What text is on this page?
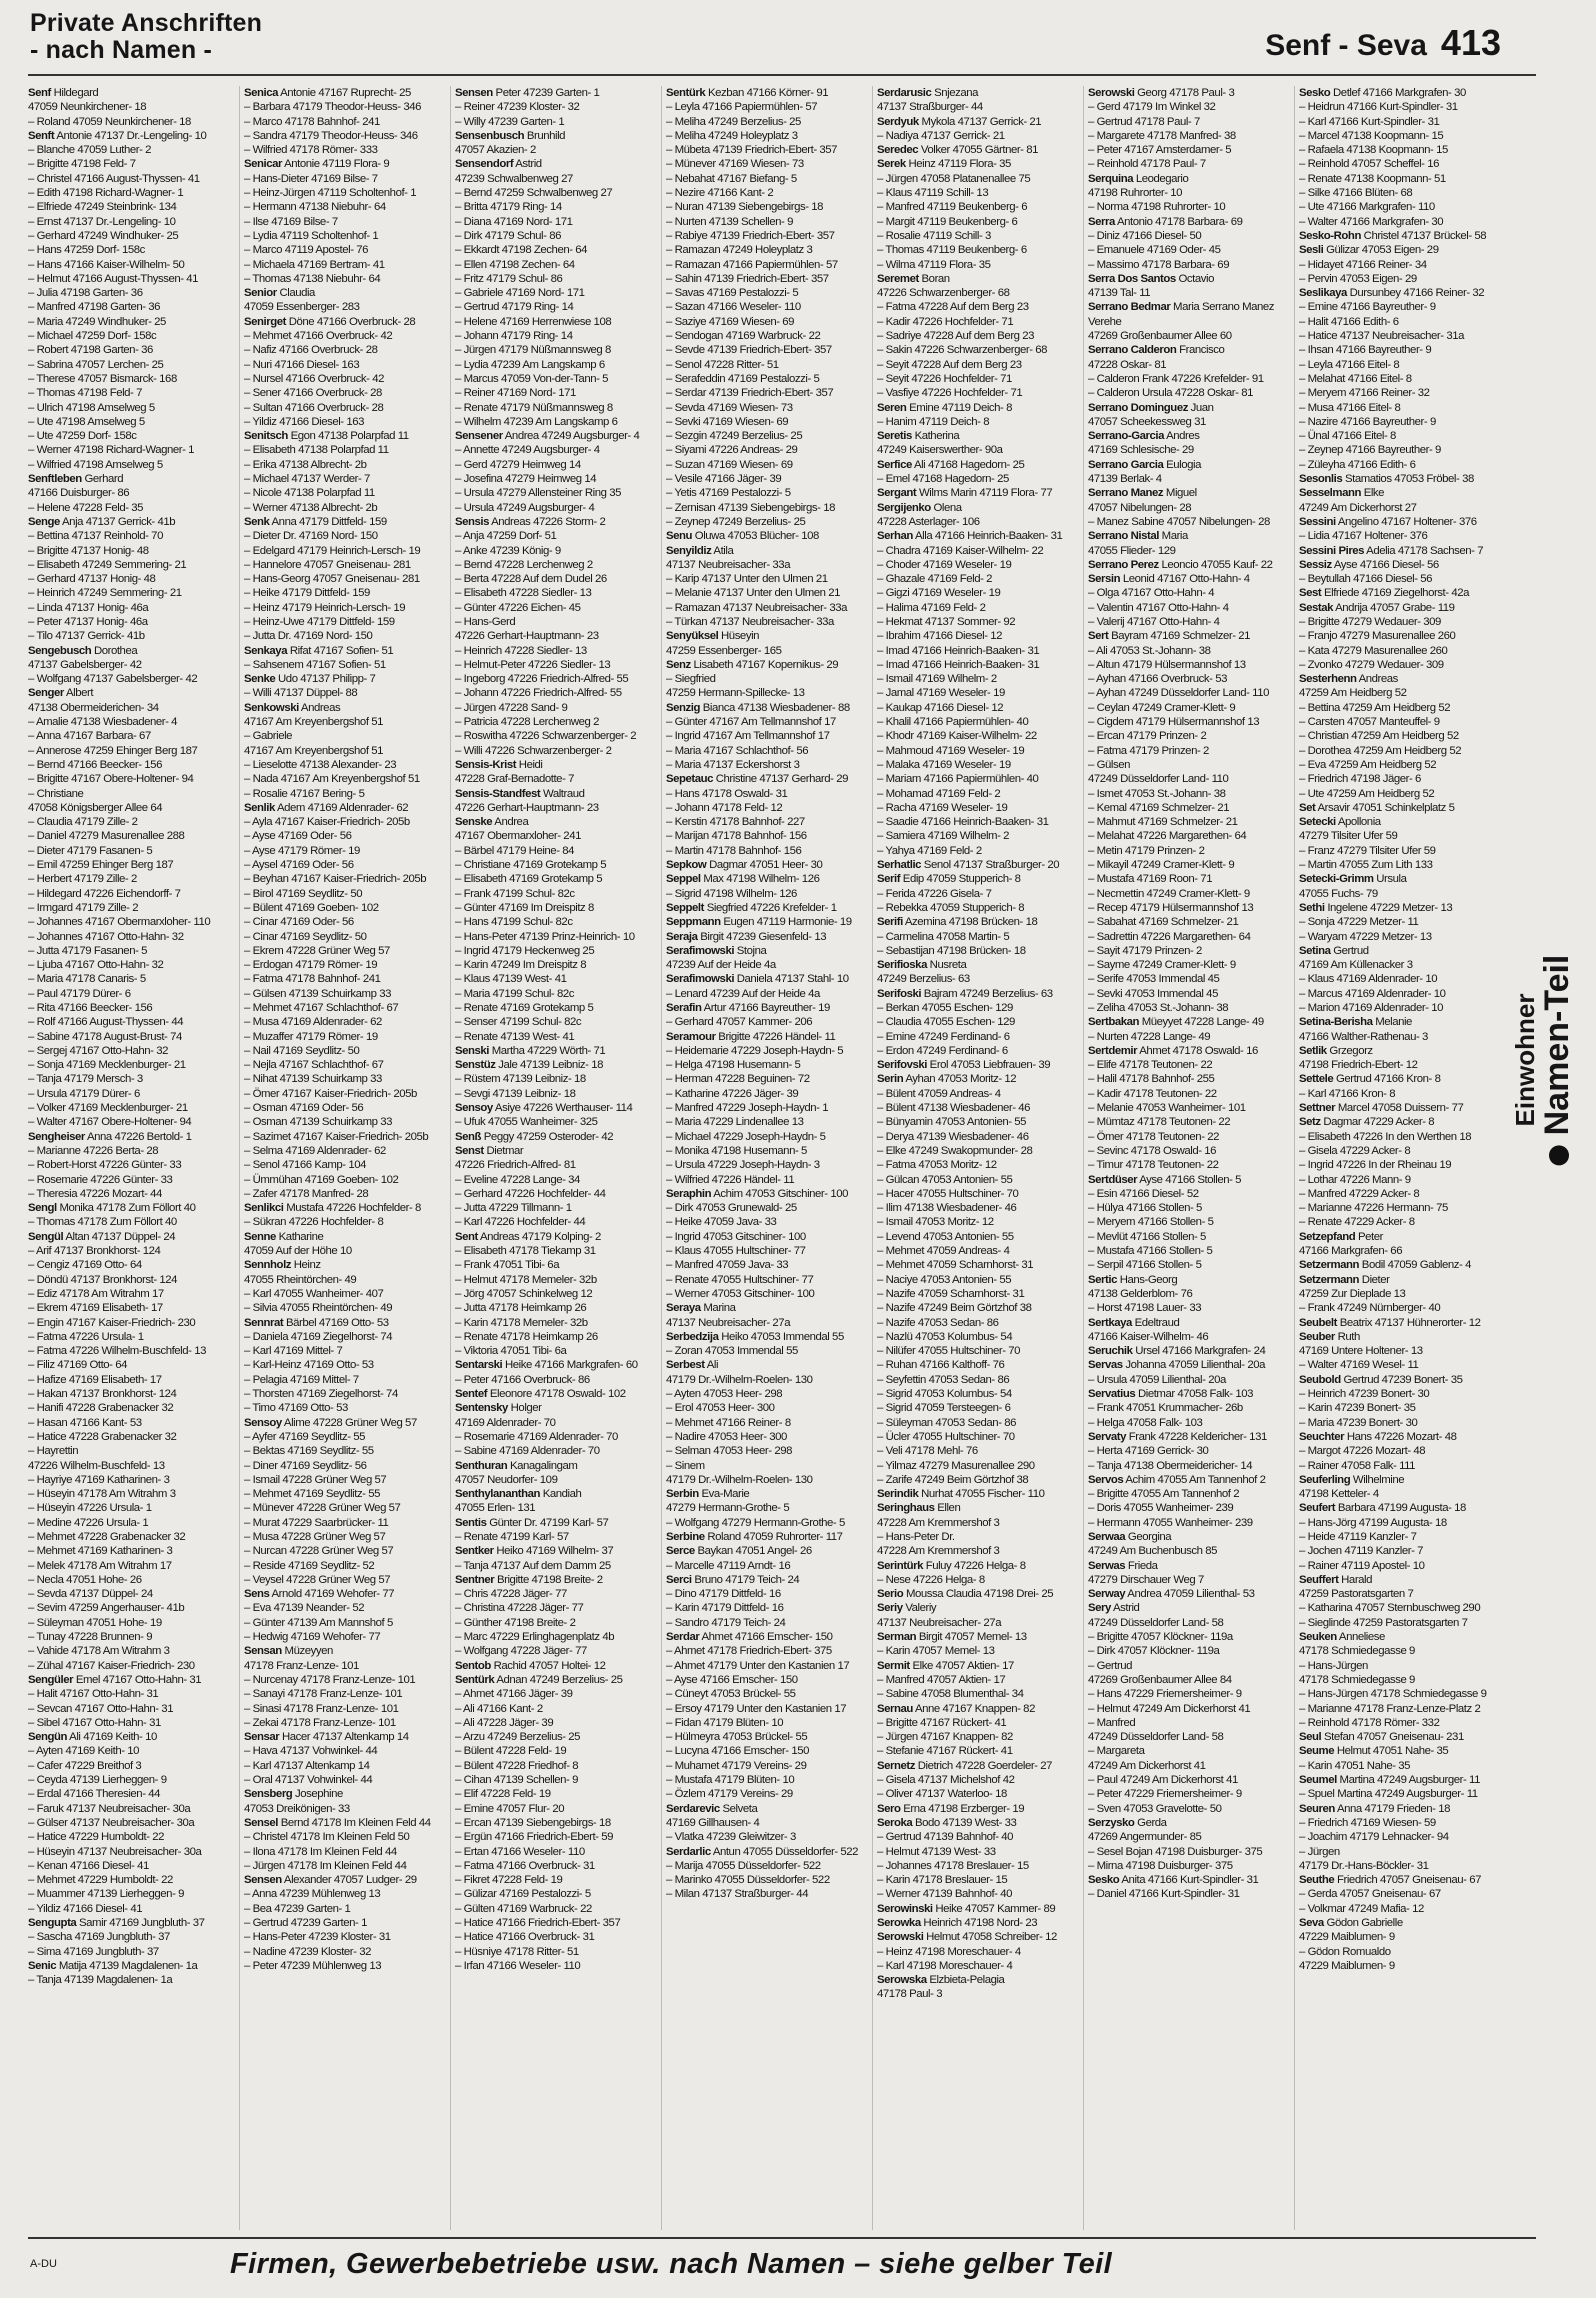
Private Anschriften
- nach Namen -	Senf - Seva 413
Senf Hildegard
47059 Neunkirchener- 18
– Roland 47059 Neunkirchener- 18
Senft Antonie 47137 Dr.-Lengeling- 10
– Blanche 47059 Luther- 2
– Brigitte 47198 Feld- 7
– Christel 47166 August-Thyssen- 41
– Edith 47198 Richard-Wagner- 1
– Elfriede 47249 Steinbrink- 134
– Ernst 47137 Dr.-Lengeling- 10
– Gerhard 47249 Windhuker- 25
– Hans 47259 Dorf- 158c
– Hans 47166 Kaiser-Wilhelm- 50
– Helmut 47166 August-Thyssen- 41
– Julia 47198 Garten- 36
– Manfred 47198 Garten- 36
– Maria 47249 Windhuker- 25
– Michael 47259 Dorf- 158c
– Robert 47198 Garten- 36
– Sabrina 47057 Lerchen- 25
– Therese 47057 Bismarck- 168
– Thomas 47198 Feld- 7
– Ulrich 47198 Amselweg 5
– Ute 47198 Amselweg 5
– Ute 47259 Dorf- 158c
– Werner 47198 Richard-Wagner- 1
– Wilfried 47198 Amselweg 5
Senftleben Gerhard
47166 Duisburger- 86
– Helene 47228 Feld- 35
Senge Anja 47137 Gerrick- 41b
– Bettina 47137 Reinhold- 70
– Brigitte 47137 Honig- 48
– Elisabeth 47249 Semmering- 21
– Gerhard 47137 Honig- 48
– Heinrich 47249 Semmering- 21
– Linda 47137 Honig- 46a
– Peter 47137 Honig- 46a
– Tilo 47137 Gerrick- 41b
Sengebusch Dorothea
47137 Gabelsberger- 42
– Wolfgang 47137 Gabelsberger- 42
Senger Albert
47138 Obermeiderichen- 34
– Amalie 47138 Wiesbadener- 4
– Anna 47167 Barbara- 67
– Annerose 47259 Ehinger Berg 187
– Bernd 47166 Beecker- 156
– Brigitte 47167 Obere-Holtener- 94
– Christiane
47058 Königsberger Allee 64
– Claudia 47179 Zille- 2
– Daniel 47279 Masurenallee 288
– Dieter 47179 Fasanen- 5
– Emil 47259 Ehinger Berg 187
– Herbert 47179 Zille- 2
– Hildegard 47226 Eichendorff- 7
– Irmgard 47179 Zille- 2
– Johannes 47167 Obermarxloher- 110
– Johannes 47167 Otto-Hahn- 32
– Jutta 47179 Fasanen- 5
– Ljuba 47167 Otto-Hahn- 32
– Maria 47178 Canaris- 5
– Paul 47179 Dürer- 6
– Rita 47166 Beecker- 156
– Rolf 47166 August-Thyssen- 44
– Sabine 47178 August-Brust- 74
– Sergej 47167 Otto-Hahn- 32
– Sonja 47169 Mecklenburger- 21
– Tanja 47179 Mersch- 3
– Ursula 47179 Dürer- 6
– Volker 47169 Mecklenburger- 21
– Walter 47167 Obere-Holtener- 94
Sengheiser Anna 47226 Bertold- 1
– Marianne 47226 Berta- 28
– Robert-Horst 47226 Günter- 33
– Rosemarie 47226 Günter- 33
– Theresia 47226 Mozart- 44
Sengl Monika 47178 Zum Föllort 40
– Thomas 47178 Zum Föllort 40
Sengül Altan 47137 Düppel- 24
– Arif 47137 Bronkhorst- 124
– Cengiz 47169 Otto- 64
– Döndü 47137 Bronkhorst- 124
– Ediz 47178 Am Witrahm 17
– Ekrem 47169 Elisabeth- 17
– Engin 47167 Kaiser-Friedrich- 230
– Fatma 47226 Ursula- 1
– Fatma 47226 Wilhelm-Buschfeld- 13
– Filiz 47169 Otto- 64
– Hafize 47169 Elisabeth- 17
– Hakan 47137 Bronkhorst- 124
– Hanifi 47228 Grabenacker 32
– Hasan 47166 Kant- 53
– Hatice 47228 Grabenacker 32
– Hayrettin
47226 Wilhelm-Buschfeld- 13
– Hayriye 47169 Katharinen- 3
– Hüseyin 47178 Am Witrahm 3
– Hüseyin 47226 Ursula- 1
– Medine 47226 Ursula- 1
– Mehmet 47228 Grabenacker 32
– Mehmet 47169 Katharinen- 3
– Melek 47178 Am Witrahm 17
– Necla 47051 Hohe- 26
– Sevda 47137 Düppel- 24
– Sevim 47259 Angerhauser- 41b
– Süleyman 47051 Hohe- 19
– Tunay 47228 Brunnen- 9
– Vahide 47178 Am Witrahm 3
– Zühal 47167 Kaiser-Friedrich- 230
Sengüler Emel 47167 Otto-Hahn- 31
– Halit 47167 Otto-Hahn- 31
– Sevcan 47167 Otto-Hahn- 31
– Sibel 47167 Otto-Hahn- 31
Sengün Ali 47169 Keith- 10
– Ayten 47169 Keith- 10
– Cafer 47229 Breithof 3
– Ceyda 47139 Lierheggen- 9
– Erdal 47166 Theresien- 44
– Faruk 47137 Neubreisacher- 30a
– Gülser 47137 Neubreisacher- 30a
– Hatice 47229 Humboldt- 22
– Hüseyin 47137 Neubreisacher- 30a
– Kenan 47166 Diesel- 41
– Mehmet 47229 Humboldt- 22
– Muammer 47139 Lierheggen- 9
– Yildiz 47166 Diesel- 41
Sengupta Samir 47169 Jungbluth- 37
– Sascha 47169 Jungbluth- 37
– Sima 47169 Jungbluth- 37
Senic Matija 47139 Magdalenen- 1a
– Tanja 47139 Magdalenen- 1a
Senica Antonie 47167 Ruprecht- 25
– Barbara 47179 Theodor-Heuss- 346
– Marco 47178 Bahnhof- 241
– Sandra 47179 Theodor-Heuss- 346
– Wilfried 47178 Römer- 333
Senicar Antonie 47119 Flora- 9
– Hans-Dieter 47169 Bilse- 7
– Heinz-Jürgen 47119 Scholtenhof- 1
– Hermann 47138 Niebuhr- 64
– Ilse 47169 Bilse- 7
– Lydia 47119 Scholtenhof- 1
– Marco 47119 Apostel- 76
– Michaela 47169 Bertram- 41
– Thomas 47138 Niebuhr- 64
Senior Claudia
47059 Essenberger- 283
Senirget Döne 47166 Overbruck- 28
– Mehmet 47166 Overbruck- 42
– Nafiz 47166 Overbruck- 28
– Nuri 47166 Diesel- 163
– Nursel 47166 Overbruck- 42
– Sener 47166 Overbruck- 28
– Sultan 47166 Overbruck- 28
– Yildiz 47166 Diesel- 163
Senitsch Egon 47138 Polarpfad 11
– Elisabeth 47138 Polarpfad 11
– Erika 47138 Albrecht- 2b
– Michael 47137 Werder- 7
– Nicole 47138 Polarpfad 11
– Werner 47138 Albrecht- 2b
Senk Anna 47179 Dittfeld- 159
– Dieter Dr. 47169 Nord- 150
– Edelgard 47179 Heinrich-Lersch- 19
– Hannelore 47057 Gneisenau- 281
– Hans-Georg 47057 Gneisenau- 281
– Heike 47179 Dittfeld- 159
– Heinz 47179 Heinrich-Lersch- 19
– Heinz-Uwe 47179 Dittfeld- 159
– Jutta Dr. 47169 Nord- 150
Senkaya Rifat 47167 Sofien- 51
– Sahsenem 47167 Sofien- 51
Senke Udo 47137 Philipp- 7
– Willi 47137 Düppel- 88
Senkowski Andreas
47167 Am Kreyenbergshof 51
– Gabriele
47167 Am Kreyenbergshof 51
– Lieselotte 47138 Alexander- 23
– Nada 47167 Am Kreyenbergshof 51
– Rosalie 47167 Bering- 5
Senlik Adem 47169 Aldenrader- 62
– Ayla 47167 Kaiser-Friedrich- 205b
– Ayse 47169 Oder- 56
– Ayse 47179 Römer- 19
– Aysel 47169 Oder- 56
– Beyhan 47167 Kaiser-Friedrich- 205b
– Birol 47169 Seydlitz- 50
– Bülent 47169 Goeben- 102
– Cinar 47169 Oder- 56
– Cinar 47169 Seydlitz- 50
– Ekrem 47228 Grüner Weg 57
– Erdogan 47179 Römer- 19
– Fatma 47178 Bahnhof- 241
– Gülsen 47139 Schuirkamp 33
– Mehmet 47167 Schlachthof- 67
– Musa 47169 Aldenrader- 62
– Muzaffer 47179 Römer- 19
– Nail 47169 Seydlitz- 50
– Nejla 47167 Schlachthof- 67
– Nihat 47139 Schuirkamp 33
– Ömer 47167 Kaiser-Friedrich- 205b
– Osman 47169 Oder- 56
– Osman 47139 Schuirkamp 33
– Sazimet 47167 Kaiser-Friedrich- 205b
– Selma 47169 Aldenrader- 62
– Senol 47166 Kamp- 104
– Ümmühan 47169 Goeben- 102
– Zafer 47178 Manfred- 28
Senlikci Mustafa 47226 Hochfelder- 8
– Sükran 47226 Hochfelder- 8
Senne Katharine
47059 Auf der Höhe 10
Sennholz Heinz
47055 Rheintörchen- 49
– Karl 47055 Wanheimer- 407
– Silvia 47055 Rheintörchen- 49
Sennrat Bärbel 47169 Otto- 53
– Daniela 47169 Ziegelhorst- 74
– Karl 47169 Mittel- 7
– Karl-Heinz 47169 Otto- 53
– Pelagia 47169 Mittel- 7
– Thorsten 47169 Ziegelhorst- 74
– Timo 47169 Otto- 53
Sensoy Alime 47228 Grüner Weg 57
– Ayfer 47169 Seydlitz- 55
– Bektas 47169 Seydlitz- 55
– Diner 47169 Seydlitz- 56
– Ismail 47228 Grüner Weg 57
– Mehmet 47169 Seydlitz- 55
– Münever 47228 Grüner Weg 57
– Murat 47229 Saarbrücker- 11
– Musa 47228 Grüner Weg 57
– Nurcan 47228 Grüner Weg 57
– Reside 47169 Seydlitz- 52
– Veysel 47228 Grüner Weg 57
Sens Arnold 47169 Wehofer- 77
– Eva 47139 Neander- 52
– Günter 47139 Am Mannshof 5
– Hedwig 47169 Wehofer- 77
Sensan Müzeyyen
47178 Franz-Lenze- 101
– Nurcenay 47178 Franz-Lenze- 101
– Sanayi 47178 Franz-Lenze- 101
– Sinasi 47178 Franz-Lenze- 101
– Zekai 47178 Franz-Lenze- 101
Sensar Hacer 47137 Altenkamp 14
– Hava 47137 Vohwinkel- 44
– Karl 47137 Altenkamp 14
– Oral 47137 Vohwinkel- 44
Sensberg Josephine
47053 Dreikönigen- 33
Sensel Bernd 47178 Im Kleinen Feld 44
– Christel 47178 Im Kleinen Feld 50
– Ilona 47178 Im Kleinen Feld 44
– Jürgen 47178 Im Kleinen Feld 44
Sensen Alexander 47057 Ludger- 29
– Anna 47239 Mühlenweg 13
– Bea 47239 Garten- 1
– Gertrud 47239 Garten- 1
– Hans-Peter 47239 Kloster- 31
– Nadine 47239 Kloster- 32
– Peter 47239 Mühlenweg 13
Sensen Peter 47239 Garten- 1
– Reiner 47239 Kloster- 32
– Willy 47239 Garten- 1
Sensenbusch Brunhild
47057 Akazien- 2
Sensendorf Astrid
47239 Schwalbenweg 27
– Bernd 47259 Schwalbenweg 27
– Britta 47179 Ring- 14
– Diana 47169 Nord- 171
– Dirk 47179 Schul- 86
– Ekkardt 47198 Zechen- 64
– Ellen 47198 Zechen- 64
– Fritz 47179 Schul- 86
– Gabriele 47169 Nord- 171
– Gertrud 47179 Ring- 14
– Helene 47169 Herrenwiese 108
– Johann 47179 Ring- 14
– Jürgen 47179 Nüßmannsweg 8
– Lydia 47239 Am Langskamp 6
– Marcus 47059 Von-der-Tann- 5
– Reiner 47169 Nord- 171
– Renate 47179 Nüßmannsweg 8
– Wilhelm 47239 Am Langskamp 6
Sensener Andrea 47249 Augsburger- 4
– Annette 47249 Augsburger- 4
– Gerd 47279 Heimweg 14
– Josefina 47279 Heimweg 14
– Ursula 47279 Allensteiner Ring 35
– Ursula 47249 Augsburger- 4
Sensis Andreas 47226 Storm- 2
– Anja 47259 Dorf- 51
– Anke 47239 König- 9
– Bernd 47228 Lerchenweg 2
– Berta 47228 Auf dem Dudel 26
– Elisabeth 47228 Siedler- 13
– Günter 47226 Eichen- 45
– Hans-Gerd
47226 Gerhart-Hauptmann- 23
– Heinrich 47228 Siedler- 13
– Helmut-Peter 47226 Siedler- 13
– Ingeborg 47226 Friedrich-Alfred- 55
– Johann 47226 Friedrich-Alfred- 55
– Jürgen 47228 Sand- 9
– Patricia 47228 Lerchenweg 2
– Roswitha 47226 Schwarzenberger- 2
– Willi 47226 Schwarzenberger- 2
Sensis-Krist Heidi
47228 Graf-Bernadotte- 7
Sensis-Standfest Waltraud
47226 Gerhart-Hauptmann- 23
Senske Andrea
47167 Obermarxloher- 241
– Bärbel 47179 Heine- 84
– Christiane 47169 Grotekamp 5
– Elisabeth 47169 Grotekamp 5
– Frank 47199 Schul- 82c
– Günter 47169 Im Dreispitz 8
– Hans 47199 Schul- 82c
– Hans-Peter 47139 Prinz-Heinrich- 10
– Ingrid 47179 Heckenweg 25
– Karin 47249 Im Dreispitz 8
– Klaus 47139 West- 41
– Maria 47199 Schul- 82c
– Renate 47169 Grotekamp 5
– Senser 47199 Schul- 82c
– Renate 47139 West- 41
Senski Martha 47229 Wörth- 71
Senstüz Jale 47139 Leibniz- 18
– Rüstem 47139 Leibniz- 18
– Sevgi 47139 Leibniz- 18
Sensoy Asiye 47226 Werthauser- 114
– Ufuk 47055 Wanheimer- 325
Senß Peggy 47259 Osteroder- 42
Senst Dietmar
47226 Friedrich-Alfred- 81
– Eveline 47228 Lange- 34
– Gerhard 47226 Hochfelder- 44
– Jutta 47229 Tillmann- 1
– Karl 47226 Hochfelder- 44
Sent Andreas 47179 Kolping- 2
– Elisabeth 47178 Tiekamp 31
– Frank 47051 Tibi- 6a
– Helmut 47178 Memeler- 32b
– Jörg 47057 Schinkelweg 12
– Jutta 47178 Heimkamp 26
– Karin 47178 Memeler- 32b
– Renate 47178 Heimkamp 26
– Viktoria 47051 Tibi- 6a
Sentarski Heike 47166 Markgrafen- 60
– Peter 47166 Overbruck- 86
Sentef Eleonore 47178 Oswald- 102
Sentensky Holger
47169 Aldenrader- 70
– Rosemarie 47169 Aldenrader- 70
– Sabine 47169 Aldenrader- 70
Senthuran Kanagalingam
47057 Neudorfer- 109
Senthylananthan Kandiah
47055 Erlen- 131
Sentis Günter Dr. 47199 Karl- 57
– Renate 47199 Karl- 57
Sentker Heiko 47169 Wilhelm- 37
– Tanja 47137 Auf dem Damm 25
Sentner Brigitte 47198 Breite- 2
– Chris 47228 Jäger- 77
– Christina 47228 Jäger- 77
– Günther 47198 Breite- 2
– Marc 47229 Erlinghagenplatz 4b
– Wolfgang 47228 Jäger- 77
Sentob Rachid 47057 Holtei- 12
Sentürk Adnan 47249 Berzelius- 25
– Ahmet 47166 Jäger- 39
– Ali 47166 Kant- 2
– Ali 47228 Jäger- 39
– Arzu 47249 Berzelius- 25
– Bülent 47228 Feld- 19
– Bülent 47228 Friedhof- 8
– Cihan 47139 Schellen- 9
– Elif 47228 Feld- 19
– Emine 47057 Flur- 20
– Ercan 47139 Siebengebirgs- 18
– Ergün 47166 Friedrich-Ebert- 59
– Ertan 47166 Weseler- 110
– Fatma 47166 Overbruck- 31
– Fikret 47228 Feld- 19
– Gülizar 47169 Pestalozzi- 5
– Gülten 47169 Warbruck- 22
– Hatice 47166 Friedrich-Ebert- 357
– Hatice 47166 Overbruck- 31
– Hüsniye 47178 Ritter- 51
– Irfan 47166 Weseler- 110
Sentürk Kezban 47166 Körner- 91
– Leyla 47166 Papiermühlen- 57
– Meliha 47249 Berzelius- 25
– Meliha 47249 Holeyplatz 3
– Mübeta 47139 Friedrich-Ebert- 357
– Münever 47169 Wiesen- 73
– Nebahat 47167 Biefang- 5
– Nezire 47166 Kant- 2
– Nuran 47139 Siebengebirgs- 18
– Nurten 47139 Schellen- 9
– Rabiye 47139 Friedrich-Ebert- 357
– Ramazan 47249 Holeyplatz 3
– Ramazan 47166 Papiermühlen- 57
– Sahin 47139 Friedrich-Ebert- 357
– Savas 47169 Pestalozzi- 5
– Sazan 47166 Weseler- 110
– Saziye 47169 Wiesen- 69
– Sendogan 47169 Warbruck- 22
– Sevde 47139 Friedrich-Ebert- 357
– Senol 47228 Ritter- 51
– Serafeddin 47169 Pestalozzi- 5
– Serdar 47139 Friedrich-Ebert- 357
– Sevda 47169 Wiesen- 73
– Sevki 47169 Wiesen- 69
– Sezgin 47249 Berzelius- 25
– Siyami 47226 Andreas- 29
– Suzan 47169 Wiesen- 69
– Vesile 47166 Jäger- 39
– Yetis 47169 Pestalozzi- 5
– Zernisan 47139 Siebengebirgs- 18
– Zeynep 47249 Berzelius- 25
Senu Oluwa 47053 Blücher- 108
Senyildiz Atila
47137 Neubreisacher- 33a
– Karip 47137 Unter den Ulmen 21
– Melanie 47137 Unter den Ulmen 21
– Ramazan 47137 Neubreisacher- 33a
– Türkan 47137 Neubreisacher- 33a
Senyüksel Hüseyin
47259 Essenberger- 165
Senz Lisabeth 47167 Kopernikus- 29
– Siegfried
47259 Hermann-Spillecke- 13
Senzig Bianca 47138 Wiesbadener- 88
– Günter 47167 Am Tellmannshof 17
– Ingrid 47167 Am Tellmannshof 17
– Maria 47167 Schlachthof- 56
– Maria 47137 Eckershorst 3
Sepetauc Christine 47137 Gerhard- 29
– Hans 47178 Oswald- 31
– Johann 47178 Feld- 12
– Kerstin 47178 Bahnhof- 227
– Marijan 47178 Bahnhof- 156
– Martin 47178 Bahnhof- 156
Sepkow Dagmar 47051 Heer- 30
Seppel Max 47198 Wilhelm- 126
– Sigrid 47198 Wilhelm- 126
Seppelt Siegfried 47226 Krefelder- 1
Seppmann Eugen 47119 Harmonie- 19
Seraja Birgit 47239 Giesenfeld- 13
Serafimowski Stojna
47239 Auf der Heide 4a
Serafimowski Daniela 47137 Stahl- 10
– Lenard 47239 Auf der Heide 4a
Serafin Artur 47166 Bayreuther- 19
– Gerhard 47057 Kammer- 206
Seramour Brigitte 47226 Händel- 11
– Heidemarie 47229 Joseph-Haydn- 5
– Helga 47198 Husemann- 5
– Herman 47228 Beguinen- 72
– Katharine 47226 Jäger- 39
– Manfred 47229 Joseph-Haydn- 1
– Maria 47229 Lindenallee 13
– Michael 47229 Joseph-Haydn- 5
– Monika 47198 Husemann- 5
– Ursula 47229 Joseph-Haydn- 3
– Wilfried 47226 Händel- 11
Seraphin Achim 47053 Gitschiner- 100
– Dirk 47053 Grunewald- 25
– Heike 47059 Java- 33
– Ingrid 47053 Gitschiner- 100
– Klaus 47055 Hultschiner- 77
– Manfred 47059 Java- 33
– Renate 47055 Hultschiner- 77
– Werner 47053 Gitschiner- 100
Seraya Marina
47137 Neubreisacher- 27a
Serbedzija Heiko 47053 Immendal 55
– Zoran 47053 Immendal 55
Serbest Ali
47179 Dr.-Wilhelm-Roelen- 130
– Ayten 47053 Heer- 298
– Erol 47053 Heer- 300
– Mehmet 47166 Reiner- 8
– Nadire 47053 Heer- 300
– Selman 47053 Heer- 298
– Sinem
47179 Dr.-Wilhelm-Roelen- 130
Serbin Eva-Marie
47279 Hermann-Grothe- 5
– Wolfgang 47279 Hermann-Grothe- 5
Serbine Roland 47059 Ruhrorter- 117
Serce Baykan 47051 Angel- 26
– Marcelle 47119 Arndt- 16
Serci Bruno 47179 Teich- 24
– Dino 47179 Dittfeld- 16
– Karin 47179 Dittfeld- 16
– Sandro 47179 Teich- 24
Serdar Ahmet 47166 Emscher- 150
– Ahmet 47178 Friedrich-Ebert- 375
– Ahmet 47179 Unter den Kastanien 17
– Ayse 47166 Emscher- 150
– Cüneyt 47053 Brückel- 55
– Ersoy 47179 Unter den Kastanien 17
– Fidan 47179 Blüten- 10
– Hülmeyra 47053 Brückel- 55
– Lucyna 47166 Emscher- 150
– Muhamet 47179 Vereins- 29
– Mustafa 47179 Blüten- 10
– Özlem 47179 Vereins- 29
Serdarevic Selveta
47169 Gillhausen- 4
– Vlatka 47239 Gleiwitzer- 3
Serdarlic Antun 47055 Düsseldorfer- 522
– Marija 47055 Düsseldorfer- 522
– Marinko 47055 Düsseldorfer- 522
– Milan 47137 Straßburger- 44
Serdarusic Snjezana
47137 Straßburger- 44
Serdyuk Mykola 47137 Gerrick- 21
– Nadiya 47137 Gerrick- 21
Seredec Volker 47055 Gärtner- 81
Serek Heinz 47119 Flora- 35
– Jürgen 47058 Platanenallee 75
– Klaus 47119 Schill- 13
– Manfred 47119 Beukenberg- 6
– Margit 47119 Beukenberg- 6
– Rosalie 47119 Schill- 3
– Thomas 47119 Beukenberg- 6
– Wilma 47119 Flora- 35
Seremet Boran
47226 Schwarzenberger- 68
– Fatma 47228 Auf dem Berg 23
– Kadir 47226 Hochfelder- 71
– Sadriye 47228 Auf dem Berg 23
– Sakin 47226 Schwarzenberger- 68
– Seyit 47228 Auf dem Berg 23
– Seyit 47226 Hochfelder- 71
– Vasfiye 47226 Hochfelder- 71
Seren Emine 47119 Deich- 8
– Hanim 47119 Deich- 8
Seretis Katherina
47249 Kaiserswerther- 90a
Serfice Ali 47168 Hagedorn- 25
– Emel 47168 Hagedorn- 25
Sergant Wilms Marin 47119 Flora- 77
Sergijenko Olena
47228 Asterlager- 106
Serhan Alla 47166 Heinrich-Baaken- 31
– Chadra 47169 Kaiser-Wilhelm- 22
– Choder 47169 Weseler- 19
– Ghazale 47169 Feld- 2
– Gigzi 47169 Weseler- 19
– Halima 47169 Feld- 2
– Hekmat 47137 Sommer- 92
– Ibrahim 47166 Diesel- 12
– Imad 47166 Heinrich-Baaken- 31
– Imad 47166 Heinrich-Baaken- 31
– Ismail 47169 Wilhelm- 2
– Jamal 47169 Weseler- 19
– Kaukap 47166 Diesel- 12
– Khalil 47166 Papiermühlen- 40
– Khodr 47169 Kaiser-Wilhelm- 22
– Mahmoud 47169 Weseler- 19
– Malaka 47169 Weseler- 19
– Mariam 47166 Papiermühlen- 40
– Mohamad 47169 Feld- 2
– Racha 47169 Weseler- 19
– Saadie 47166 Heinrich-Baaken- 31
– Samiera 47169 Wilhelm- 2
– Yahya 47169 Feld- 2
Serhatlic Senol 47137 Straßburger- 20
Serif Edip 47059 Stupperich- 8
– Ferida 47226 Gisela- 7
– Rebekka 47059 Stupperich- 8
Serifi Azemina 47198 Brücken- 18
– Carmelina 47058 Martin- 5
– Sebastijan 47198 Brücken- 18
Serifioska Nusreta
47249 Berzelius- 63
Serifoski Bajram 47249 Berzelius- 63
– Berkan 47055 Eschen- 129
– Claudia 47055 Eschen- 129
– Emine 47249 Ferdinand- 6
– Erdon 47249 Ferdinand- 6
Serifovski Erol 47053 Liebfrauen- 39
Serin Ayhan 47053 Moritz- 12
– Bülent 47059 Andreas- 4
– Bülent 47138 Wiesbadener- 46
– Bünyamin 47053 Antonien- 55
– Derya 47139 Wiesbadener- 46
– Elke 47249 Swakopmunder- 28
– Fatma 47053 Moritz- 12
– Gülcan 47053 Antonien- 55
– Hacer 47055 Hultschiner- 70
– Ilim 47138 Wiesbadener- 46
– Ismail 47053 Moritz- 12
– Levend 47053 Antonien- 55
– Mehmet 47059 Andreas- 4
– Mehmet 47059 Scharnhorst- 31
– Naciye 47053 Antonien- 55
– Nazife 47059 Scharnhorst- 31
– Nazife 47249 Beim Görtzhof 38
– Nazife 47053 Sedan- 86
– Nazlü 47053 Kolumbus- 54
– Nilüfer 47055 Hultschiner- 70
– Ruhan 47166 Kalthoff- 76
– Seyfettin 47053 Sedan- 86
– Sigrid 47053 Kolumbus- 54
– Sigrid 47059 Tersteegen- 6
– Süleyman 47053 Sedan- 86
– Ücler 47055 Hultschiner- 70
– Veli 47178 Mehl- 76
– Yilmaz 47279 Masurenallee 290
– Zarife 47249 Beim Görtzhof 38
Serindik Nurhat 47055 Fischer- 110
Seringhaus Ellen
47228 Am Kremmershof 3
– Hans-Peter Dr.
47228 Am Kremmershof 3
Serintürk Fuluy 47226 Helga- 8
– Nese 47226 Helga- 8
Serio Moussa Claudia 47198 Drei- 25
Seriy Valeriy
47137 Neubreisacher- 27a
Serman Birgit 47057 Memel- 13
– Karin 47057 Memel- 13
Sermit Elke 47057 Aktien- 17
– Manfred 47057 Aktien- 17
– Sabine 47058 Blumenthal- 34
Sernau Anne 47167 Knappen- 82
– Brigitte 47167 Rückert- 41
– Jürgen 47167 Knappen- 82
– Stefanie 47167 Rückert- 41
Sernetz Dietrich 47228 Goerdeler- 27
– Gisela 47137 Michelshof 42
– Oliver 47137 Waterloo- 18
Sero Erna 47198 Erzberger- 19
Seroka Bodo 47139 West- 33
– Gertrud 47139 Bahnhof- 40
– Helmut 47139 West- 33
– Johannes 47178 Breslauer- 15
– Karin 47178 Breslauer- 15
– Werner 47139 Bahnhof- 40
Serowinski Heike 47057 Kammer- 89
Serowka Heinrich 47198 Nord- 23
Serowski Helmut 47058 Schreiber- 12
– Heinz 47198 Moreschauer- 4
– Karl 47198 Moreschauer- 4
Serowska Elzbieta-Pelagia
47178 Paul- 3
Serowski Georg 47178 Paul- 3
– Gerd 47179 Im Winkel 32
– Gertrud 47178 Paul- 7
– Margarete 47178 Manfred- 38
– Peter 47167 Amsterdamer- 5
– Reinhold 47178 Paul- 7
Serquina Leodegario
47198 Ruhrorter- 10
– Norma 47198 Ruhrorter- 10
Serra Antonio 47178 Barbara- 69
– Diniz 47166 Diesel- 50
– Emanuele 47169 Oder- 45
– Massimo 47178 Barbara- 69
Serra Dos Santos Octavio
47139 Tal- 11
Serrano Bedmar Maria Serrano Manez
Verehe
47269 Großenbaumer Allee 60
Serrano Calderon Francisco
47228 Oskar- 81
– Calderon Frank 47226 Krefelder- 91
– Calderon Ursula 47228 Oskar- 81
Serrano Dominguez Juan
47057 Scheekessweg 31
Serrano-Garcia Andres
47169 Schlesische- 29
Serrano Garcia Eulogia
47139 Berlak- 4
Serrano Manez Miguel
47057 Nibelungen- 28
– Manez Sabine 47057 Nibelungen- 28
Serrano Nistal Maria
47055 Flieder- 129
Serrano Perez Leoncio 47055 Kauf- 22
Sersin Leonid 47167 Otto-Hahn- 4
– Olga 47167 Otto-Hahn- 4
– Valentin 47167 Otto-Hahn- 4
– Valerij 47167 Otto-Hahn- 4
Sert Bayram 47169 Schmelzer- 21
– Ali 47053 St.-Johann- 38
– Altun 47179 Hülsermannshof 13
– Ayhan 47166 Overbruck- 53
– Ayhan 47249 Düsseldorfer Land- 110
– Ceylan 47249 Cramer-Klett- 9
– Cigdem 47179 Hülsermannshof 13
– Ercan 47179 Prinzen- 2
– Fatma 47179 Prinzen- 2
– Gülsen
47249 Düsseldorfer Land- 110
– Ismet 47053 St.-Johann- 38
– Kemal 47169 Schmelzer- 21
– Mahmut 47169 Schmelzer- 21
– Melahat 47226 Margarethen- 64
– Metin 47179 Prinzen- 2
– Mikayil 47249 Cramer-Klett- 9
– Mustafa 47169 Roon- 71
– Necmettin 47249 Cramer-Klett- 9
– Recep 47179 Hülsermannshof 13
– Sabahat 47169 Schmelzer- 21
– Sadrettin 47226 Margarethen- 64
– Sayit 47179 Prinzen- 2
– Sayme 47249 Cramer-Klett- 9
– Serife 47053 Immendal 45
– Sevki 47053 Immendal 45
– Zeliha 47053 St.-Johann- 38
Sertbakan Müeyyet 47228 Lange- 49
– Nurten 47228 Lange- 49
Sertdemir Ahmet 47178 Oswald- 16
– Elife 47178 Teutonen- 22
– Halil 47178 Bahnhof- 255
– Kadir 47178 Teutonen- 22
– Melanie 47053 Wanheimer- 101
– Mümtaz 47178 Teutonen- 22
– Ömer 47178 Teutonen- 22
– Sevinc 47178 Oswald- 16
– Timur 47178 Teutonen- 22
Sertdüser Ayse 47166 Stollen- 5
– Esin 47166 Diesel- 52
– Hülya 47166 Stollen- 5
– Meryem 47166 Stollen- 5
– Mevlüt 47166 Stollen- 5
– Mustafa 47166 Stollen- 5
– Serpil 47166 Stollen- 5
Sertic Hans-Georg
47138 Gelderblom- 76
– Horst 47198 Lauer- 33
Sertkaya Edeltraud
47166 Kaiser-Wilhelm- 46
Seruchik Ursel 47166 Markgrafen- 24
Servas Johanna 47059 Lilienthal- 20a
– Ursula 47059 Lilienthal- 20a
Servatius Dietmar 47058 Falk- 103
– Frank 47051 Krummacher- 26b
– Helga 47058 Falk- 103
Servaty Frank 47228 Keldericher- 131
– Herta 47169 Gerrick- 30
– Tanja 47138 Obermeidericher- 14
Servos Achim 47055 Am Tannenhof 2
– Brigitte 47055 Am Tannenhof 2
– Doris 47055 Wanheimer- 239
– Hermann 47055 Wanheimer- 239
Serwaa Georgina
47249 Am Buchenbusch 85
Serwas Frieda
47279 Dirschauer Weg 7
Serway Andrea 47059 Lilienthal- 53
Sery Astrid
47249 Düsseldorfer Land- 58
– Brigitte 47057 Klöckner- 119a
– Dirk 47057 Klöckner- 119a
– Gertrud
47269 Großenbaumer Allee 84
– Hans 47229 Friemersheimer- 9
– Helmut 47249 Am Dickerhorst 41
– Manfred
47249 Düsseldorfer Land- 58
– Margareta
47249 Am Dickerhorst 41
– Paul 47249 Am Dickerhorst 41
– Peter 47229 Friemersheimer- 9
– Sven 47053 Gravelotte- 50
Serzysko Gerda
47269 Angermunder- 85
– Sesel Bojan 47198 Duisburger- 375
– Mirna 47198 Duisburger- 375
Sesko Anita 47166 Kurt-Spindler- 31
– Daniel 47166 Kurt-Spindler- 31
Sesko Detlef 47166 Markgrafen- 30
– Heidrun 47166 Kurt-Spindler- 31
– Karl 47166 Kurt-Spindler- 31
– Marcel 47138 Koopmann- 15
– Rafaela 47138 Koopmann- 15
– Reinhold 47057 Scheffel- 16
– Renate 47138 Koopmann- 51
– Silke 47166 Blüten- 68
– Ute 47166 Markgrafen- 110
– Walter 47166 Markgrafen- 30
Sesko-Rohn Christel 47137 Brückel- 58
Sesli Gülizar 47053 Eigen- 29
– Hidayet 47166 Reiner- 34
– Pervin 47053 Eigen- 29
Seslikaya Dursunbey 47166 Reiner- 32
– Emine 47166 Bayreuther- 9
– Halit 47166 Edith- 6
– Hatice 47137 Neubreisacher- 31a
– Ihsan 47166 Bayreuther- 9
– Leyla 47166 Eitel- 8
– Melahat 47166 Eitel- 8
– Meryem 47166 Reiner- 32
– Musa 47166 Eitel- 8
– Nazire 47166 Bayreuther- 9
– Ünal 47166 Eitel- 8
– Zeynep 47166 Bayreuther- 9
– Züleyha 47166 Edith- 6
Sesonlis Stamatios 47053 Fröbel- 38
Sesselmann Elke
47249 Am Dickerhorst 27
Sessini Angelino 47167 Holtener- 376
– Lidia 47167 Holtener- 376
Sessini Pires Adelia 47178 Sachsen- 7
Sessiz Ayse 47166 Diesel- 56
– Beytullah 47166 Diesel- 56
Sest Elfriede 47169 Ziegelhorst- 42a
Sestak Andrija 47057 Grabe- 119
– Brigitte 47279 Wedauer- 309
– Franjo 47279 Masurenallee 260
– Kata 47279 Masurenallee 260
– Zvonko 47279 Wedauer- 309
Sesterhenn Andreas
47259 Am Heidberg 52
– Bettina 47259 Am Heidberg 52
– Carsten 47057 Manteuffel- 9
– Christian 47259 Am Heidberg 52
– Dorothea 47259 Am Heidberg 52
– Eva 47259 Am Heidberg 52
– Friedrich 47198 Jäger- 6
– Ute 47259 Am Heidberg 52
Set Arsavir 47051 Schinkelplatz 5
Setecki Apollonia
47279 Tilsiter Ufer 59
– Franz 47279 Tilsiter Ufer 59
– Martin 47055 Zum Lith 133
Setecki-Grimm Ursula
47055 Fuchs- 79
Sethi Ingelene 47229 Metzer- 13
– Sonja 47229 Metzer- 11
– Waryam 47229 Metzer- 13
Setina Gertrud
47169 Am Küllenacker 3
– Klaus 47169 Aldenrader- 10
– Marcus 47169 Aldenrader- 10
– Marion 47169 Aldenrader- 10
Setina-Berisha Melanie
47166 Walther-Rathenau- 3
Setlik Grzegorz
47198 Friedrich-Ebert- 12
Settele Gertrud 47166 Kron- 8
– Karl 47166 Kron- 8
Settner Marcel 47058 Duissern- 77
Setz Dagmar 47229 Acker- 8
– Elisabeth 47226 In den Werthen 18
– Gisela 47229 Acker- 8
– Ingrid 47226 In der Rheinau 19
– Lothar 47226 Mann- 9
– Manfred 47229 Acker- 8
– Marianne 47226 Hermann- 75
– Renate 47229 Acker- 8
Setzepfand Peter
47166 Markgrafen- 66
Setzermann Bodil 47059 Gablenz- 4
Setzermann Dieter
47259 Zur Dieplade 13
– Frank 47249 Nürnberger- 40
Seubelt Beatrix 47137 Hühnerorter- 12
Seuber Ruth
47169 Untere Holtener- 13
– Walter 47169 Wesel- 11
Seubold Gertrud 47239 Bonert- 35
– Heinrich 47239 Bonert- 30
– Karin 47239 Bonert- 35
– Maria 47239 Bonert- 30
Seuchter Hans 47226 Mozart- 48
– Margot 47226 Mozart- 48
– Rainer 47058 Falk- 111
Seuferling Wilhelmine
47198 Ketteler- 4
Seufert Barbara 47199 Augusta- 18
– Hans-Jörg 47199 Augusta- 18
– Heide 47119 Kanzler- 7
– Jochen 47119 Kanzler- 7
– Rainer 47119 Apostel- 10
Seuffert Harald
47259 Pastoratsgarten 7
– Katharina 47057 Sternbuschweg 290
– Sieglinde 47259 Pastoratsgarten 7
Seuken Anneliese
47178 Schmiedegasse 9
– Hans-Jürgen
47178 Schmiedegasse 9
– Hans-Jürgen 47178 Schmiedegasse 9
– Marianne 47178 Franz-Lenze-Platz 2
– Reinhold 47178 Römer- 332
Seul Stefan 47057 Gneisenau- 231
Seume Helmut 47051 Nahe- 35
– Karin 47051 Nahe- 35
Seumel Martina 47249 Augsburger- 11
– Spuel Martina 47249 Augsburger- 11
Seuren Anna 47179 Frieden- 18
– Friedrich 47169 Wiesen- 59
– Joachim 47179 Lehnacker- 94
– Jürgen
47179 Dr.-Hans-Böckler- 31
Seuthe Friedrich 47057 Gneisenau- 67
– Gerda 47057 Gneisenau- 67
– Volkmar 47249 Mafia- 12
Seva Gödon Gabrielle
47229 Maiblumen- 9
– Gödon Romualdo
47229 Maiblumen- 9
Einwohner
Namen-Teil
A-DU	Firmen, Gewerbebetriebe usw. nach Namen – siehe gelber Teil
